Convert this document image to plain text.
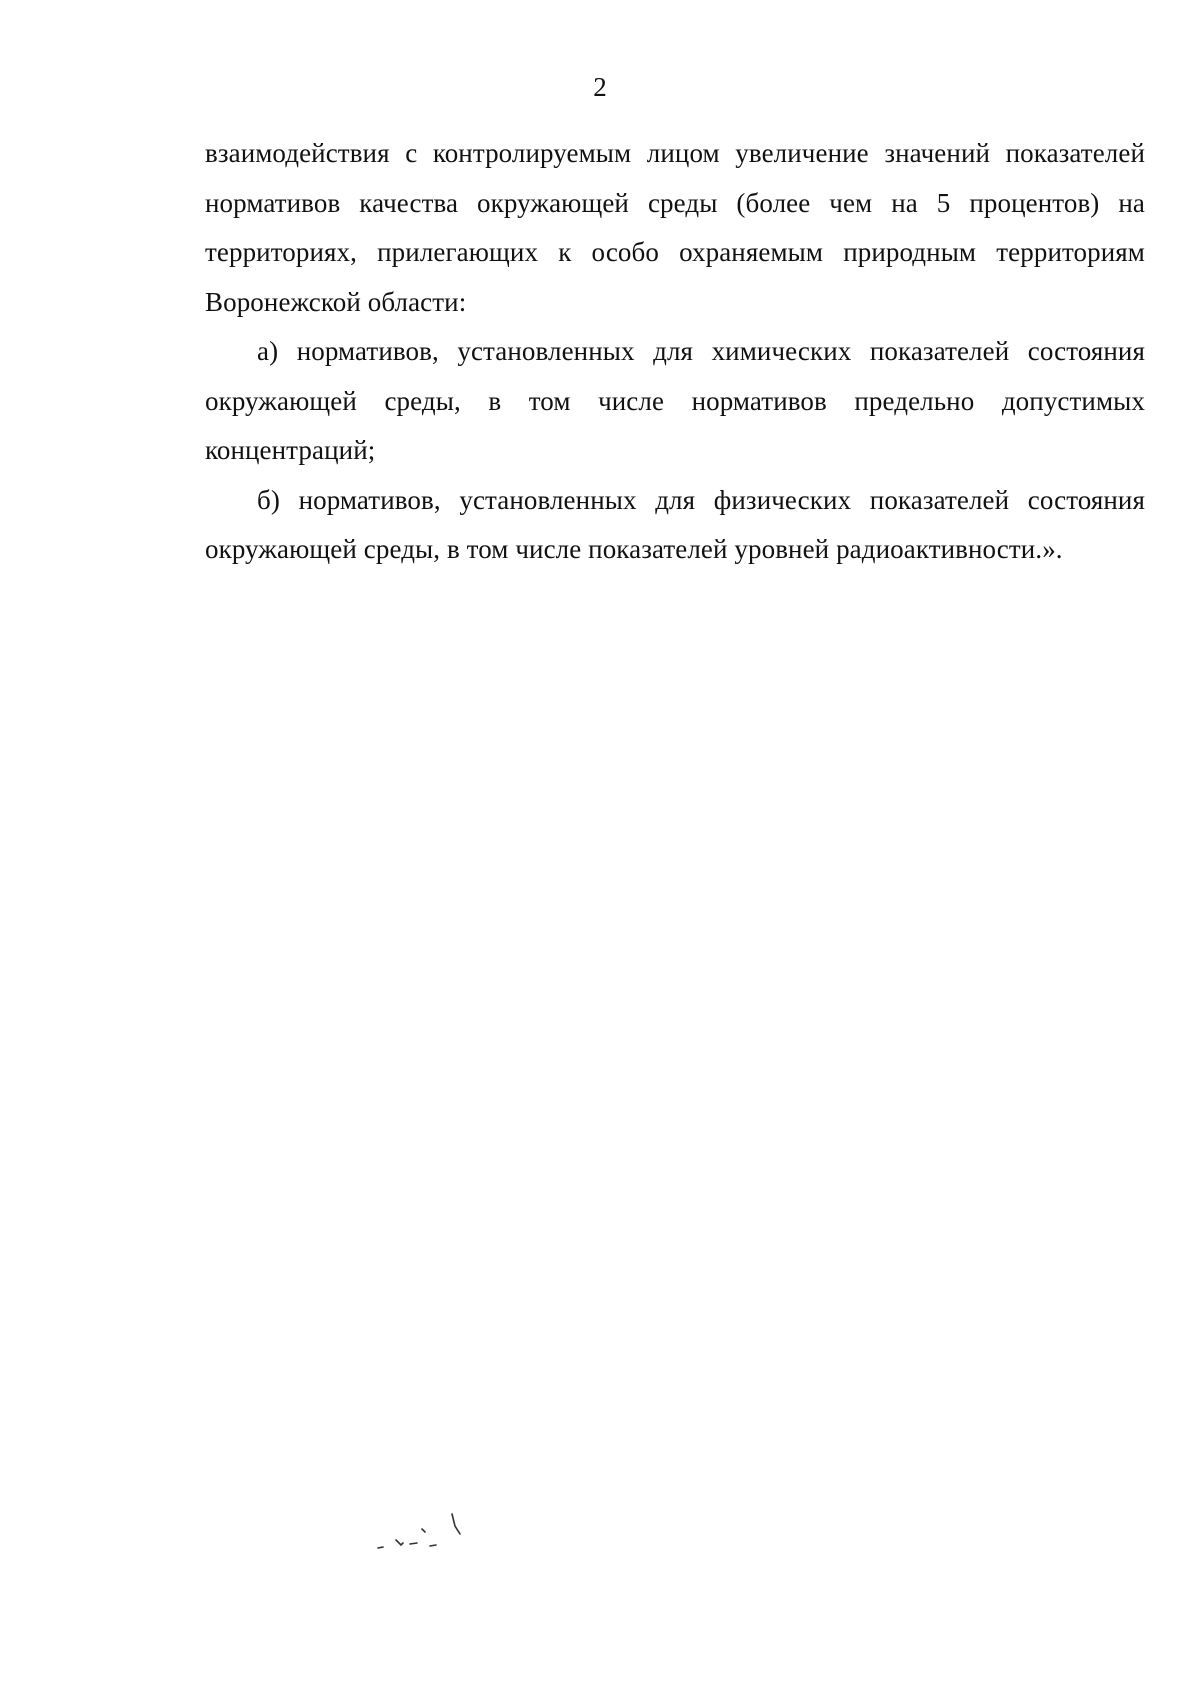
2

взаимодействия с контролируемым лицом увеличение значений показателей нормативов качества окружающей среды (более чем на 5 процентов) на территориях, прилегающих к особо охраняемым природным территориям Воронежской области:

а) нормативов, установленных для химических показателей состояния окружающей среды, в том числе нормативов предельно допустимых концентраций;

б) нормативов, установленных для физических показателей состояния окружающей среды, в том числе показателей уровней радиоактивности.».
